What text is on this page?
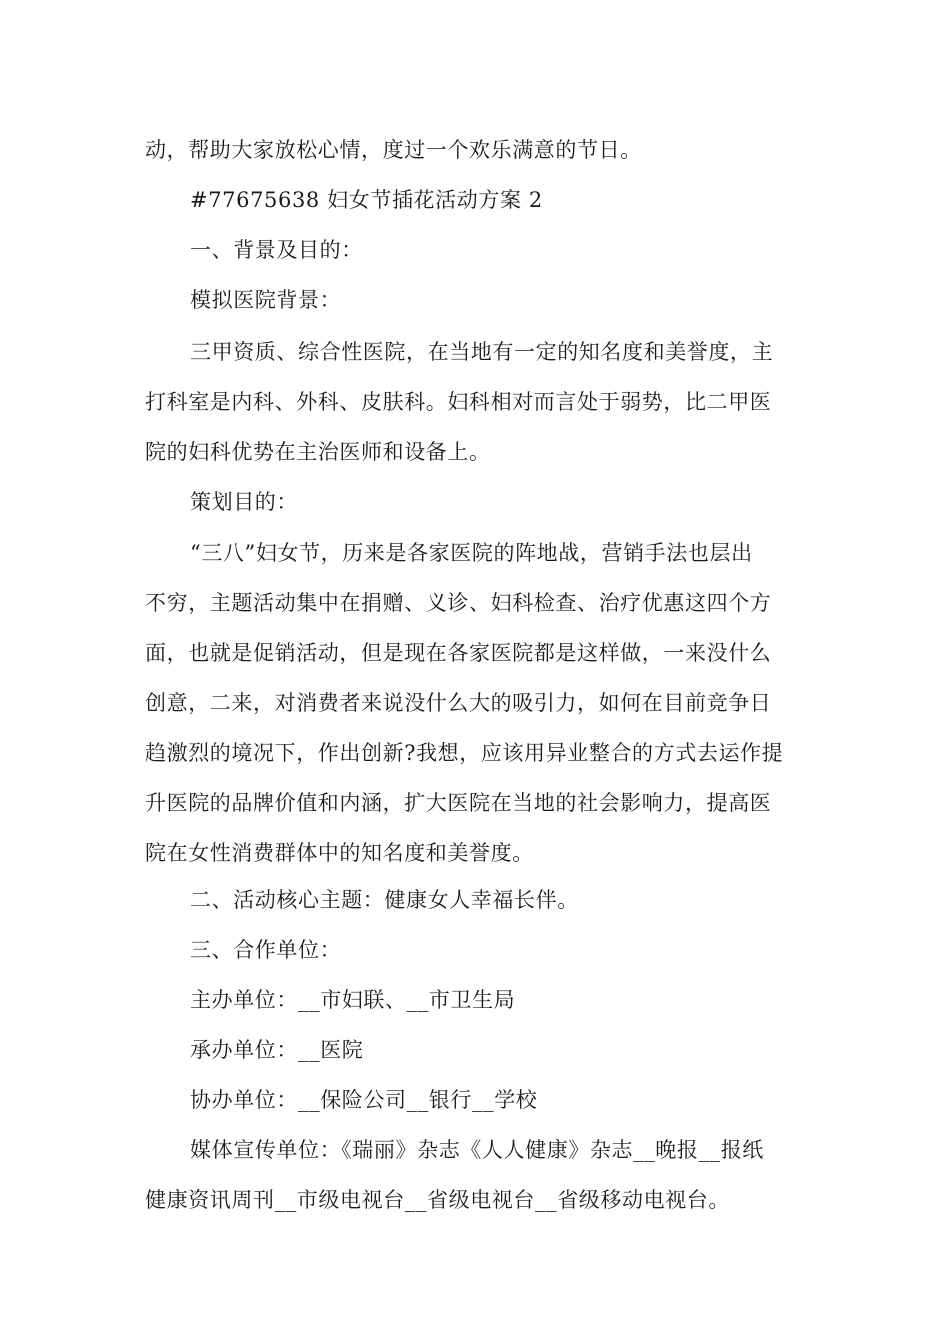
动，帮助大家放松心情，度过一个欢乐满意的节日。
#77675638 妇女节插花活动方案 2
一、背景及目的：
模拟医院背景：
三甲资质、综合性医院，在当地有一定的知名度和美誉度，主
打科室是内科、外科、皮肤科。妇科相对而言处于弱势，比二甲医
院的妇科优势在主治医师和设备上。
策划目的：
“三八”妇女节，历来是各家医院的阵地战，营销手法也层出
不穷，主题活动集中在捐赠、义诊、妇科检查、治疗优惠这四个方
面，也就是促销活动，但是现在各家医院都是这样做，一来没什么
创意，二来，对消费者来说没什么大的吸引力，如何在目前竞争日
趋激烈的境况下，作出创新?我想，应该用异业整合的方式去运作提
升医院的品牌价值和内涵，扩大医院在当地的社会影响力，提高医
院在女性消费群体中的知名度和美誉度。
二、活动核心主题：健康女人幸福长伴。
三、合作单位：
主办单位：__市妇联、__市卫生局
承办单位：__医院
协办单位：__保险公司__银行__学校
媒体宣传单位：《瑞丽》杂志《人人健康》杂志__晚报__报纸
健康资讯周刊__市级电视台__省级电视台__省级移动电视台。
